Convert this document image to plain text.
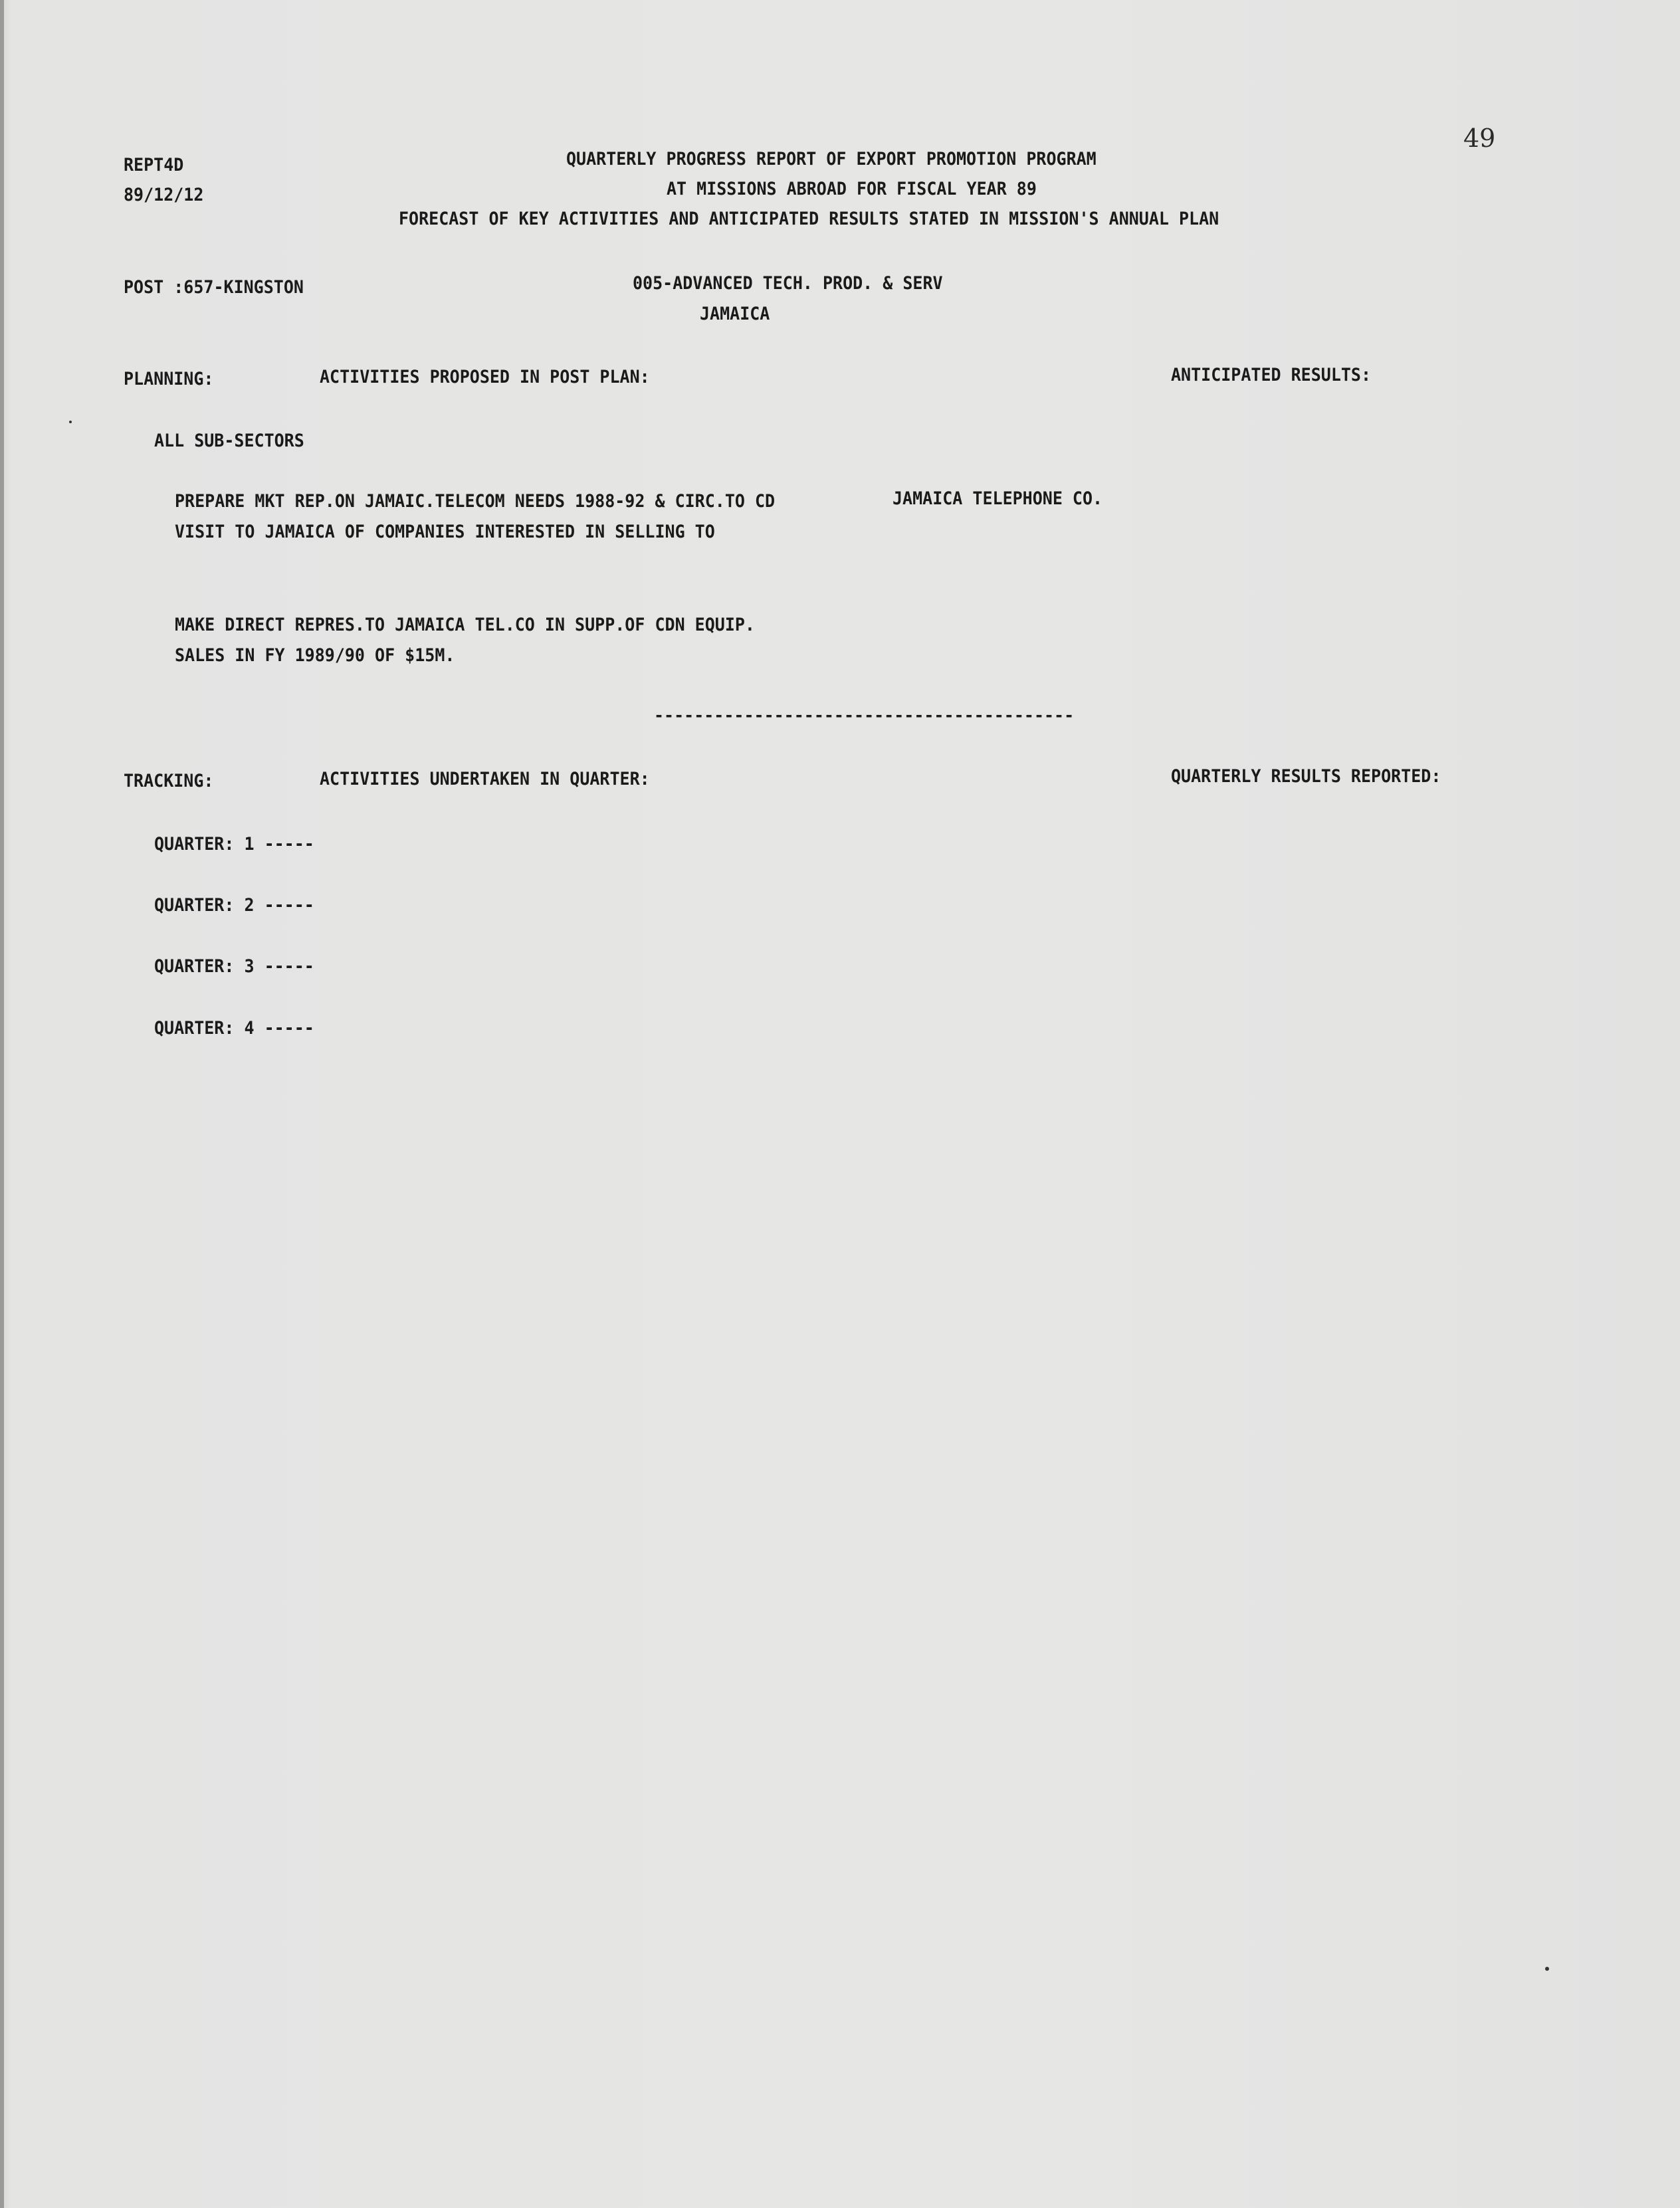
49
REPT4D
89/12/12
QUARTERLY PROGRESS REPORT OF EXPORT PROMOTION PROGRAM
AT MISSIONS ABROAD FOR FISCAL YEAR 89
FORECAST OF KEY ACTIVITIES AND ANTICIPATED RESULTS STATED IN MISSION'S ANNUAL PLAN
POST :657-KINGSTON	005-ADVANCED TECH. PROD. & SERV
JAMAICA
PLANNING:	ACTIVITIES PROPOSED IN POST PLAN:	ANTICIPATED RESULTS:
ALL SUB-SECTORS
PREPARE MKT REP.ON JAMAIC.TELECOM NEEDS 1988-92 & CIRC.TO CD
VISIT TO JAMAICA OF COMPANIES INTERESTED IN SELLING TO
JAMAICA TELEPHONE CO.
MAKE DIRECT REPRES.TO JAMAICA TEL.CO IN SUPP.OF CDN EQUIP.
SALES IN FY 1989/90 OF $15M.
------------------------------------------
TRACKING:	ACTIVITIES UNDERTAKEN IN QUARTER:	QUARTERLY RESULTS REPORTED:
QUARTER: 1 -----
QUARTER: 2 -----
QUARTER: 3 -----
QUARTER: 4 -----
